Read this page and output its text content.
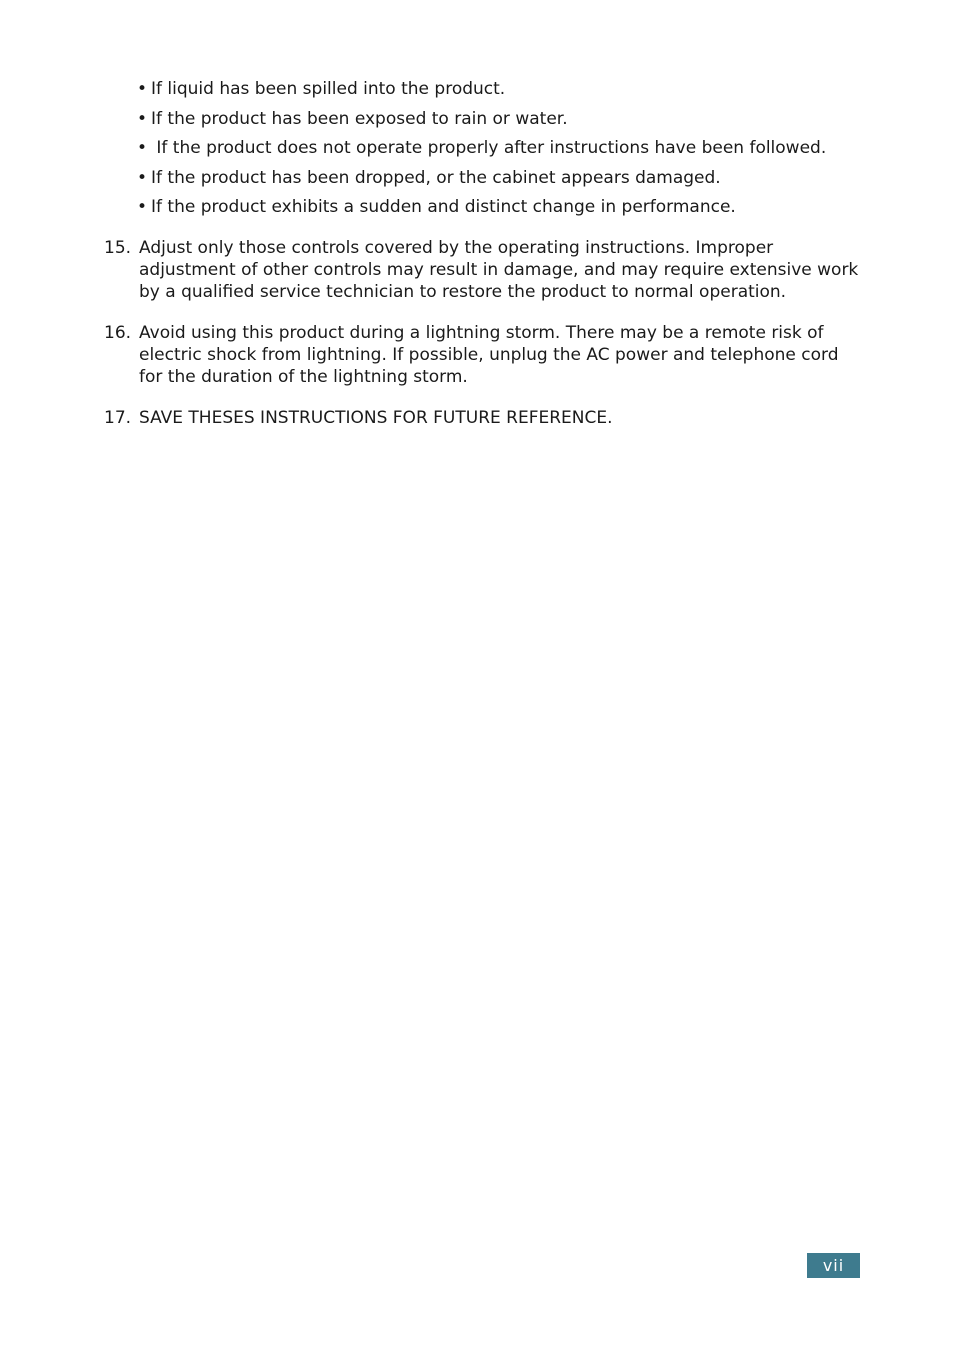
• If liquid has been spilled into the product.
• If the product has been exposed to rain or water.
• If the product does not operate properly after instructions have been followed.
• If the product has been dropped, or the cabinet appears damaged.
• If the product exhibits a sudden and distinct change in performance.
15. Adjust only those controls covered by the operating instructions. Improper adjustment of other controls may result in damage, and may require extensive work by a qualified service technician to restore the product to normal operation.
16. Avoid using this product during a lightning storm. There may be a remote risk of electric shock from lightning. If possible, unplug the AC power and telephone cord for the duration of the lightning storm.
17. SAVE THESES INSTRUCTIONS FOR FUTURE REFERENCE.
vii
